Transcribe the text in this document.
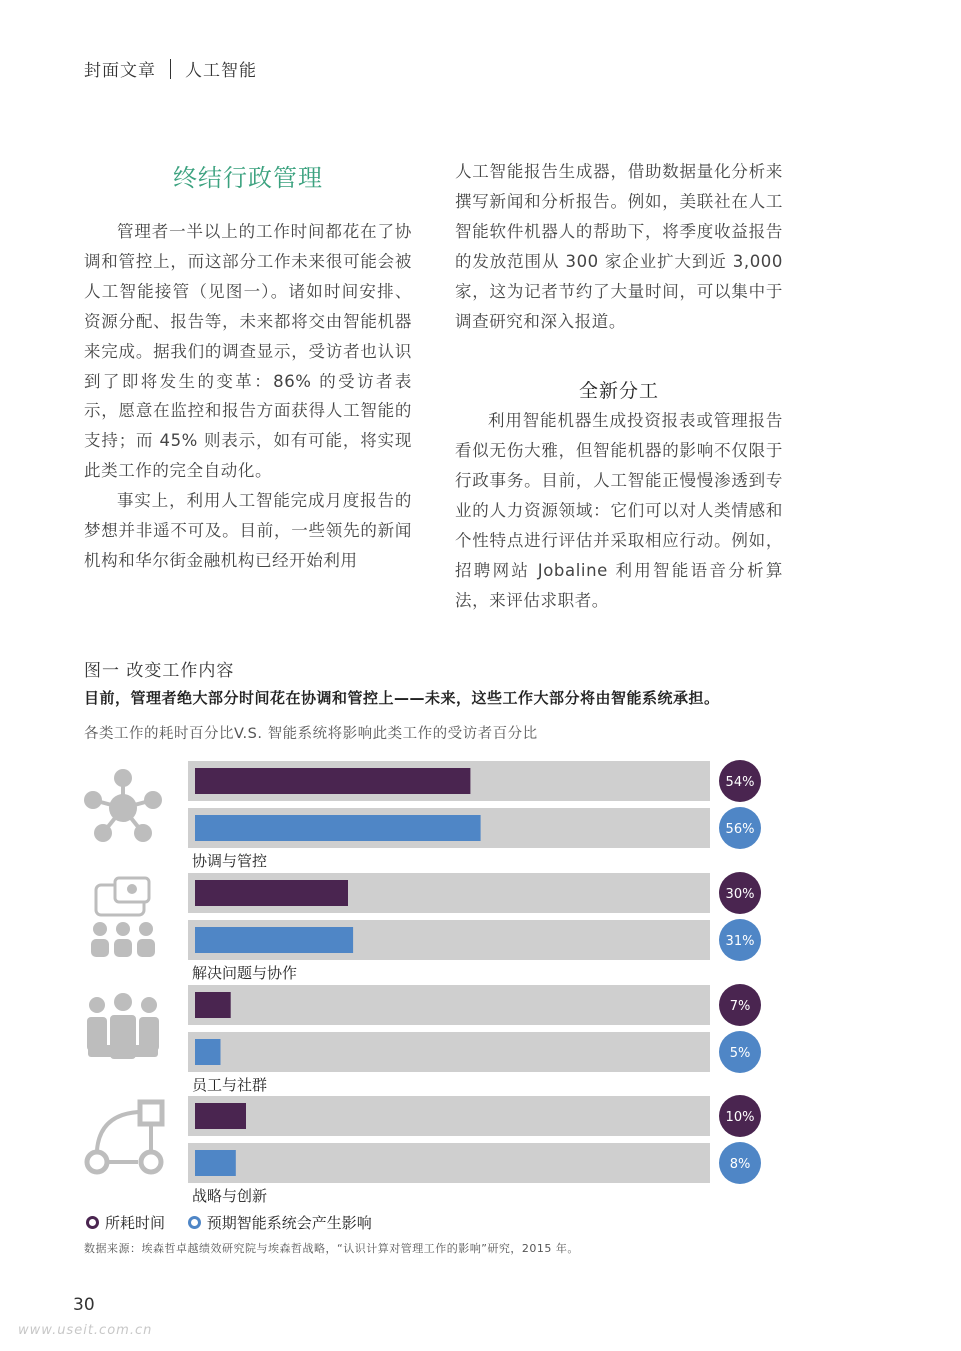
封面文章 人工智能
终结行政管理

管理者一半以上的工作时间都花在了协调和管控上，而这部分工作未来很可能会被人工智能接管（见图一）。诸如时间安排、资源分配、报告等，未来都将交由智能机器来完成。据我们的调查显示，受访者也认识到了即将发生的变革：86% 的受访者表示，愿意在监控和报告方面获得人工智能的支持；而 45% 则表示，如有可能，将实现此类工作的完全自动化。

事实上，利用人工智能完成月度报告的梦想并非遥不可及。目前，一些领先的新闻机构和华尔街金融机构已经开始利用

人工智能报告生成器，借助数据量化分析来撰写新闻和分析报告。例如，美联社在人工智能软件机器人的帮助下，将季度收益报告的发放范围从 300 家企业扩大到近 3,000 家，这为记者节约了大量时间，可以集中于调查研究和深入报道。

全新分工

利用智能机器生成投资报表或管理报告看似无伤大雅，但智能机器的影响不仅限于行政事务。目前，人工智能正慢慢渗透到专业的人力资源领域：它们可以对人类情感和个性特点进行评估并采取相应行动。例如，招聘网站 Jobaline 利用智能语音分析算法，来评估求职者。

图一 改变工作内容
目前，管理者绝大部分时间花在协调和管控上——未来，这些工作大部分将由智能系统承担。
各类工作的耗时百分比V.S. 智能系统将影响此类工作的受访者百分比
54%
56%
协调与管控
30%
31%
解决问题与协作
7%
5%
员工与社群
10%
8%
战略与创新
所耗时间	预期智能系统会产生影响
数据来源：埃森哲卓越绩效研究院与埃森哲战略，“认识计算对管理工作的影响”研究，2015 年。
30
www.useit.com.cn
